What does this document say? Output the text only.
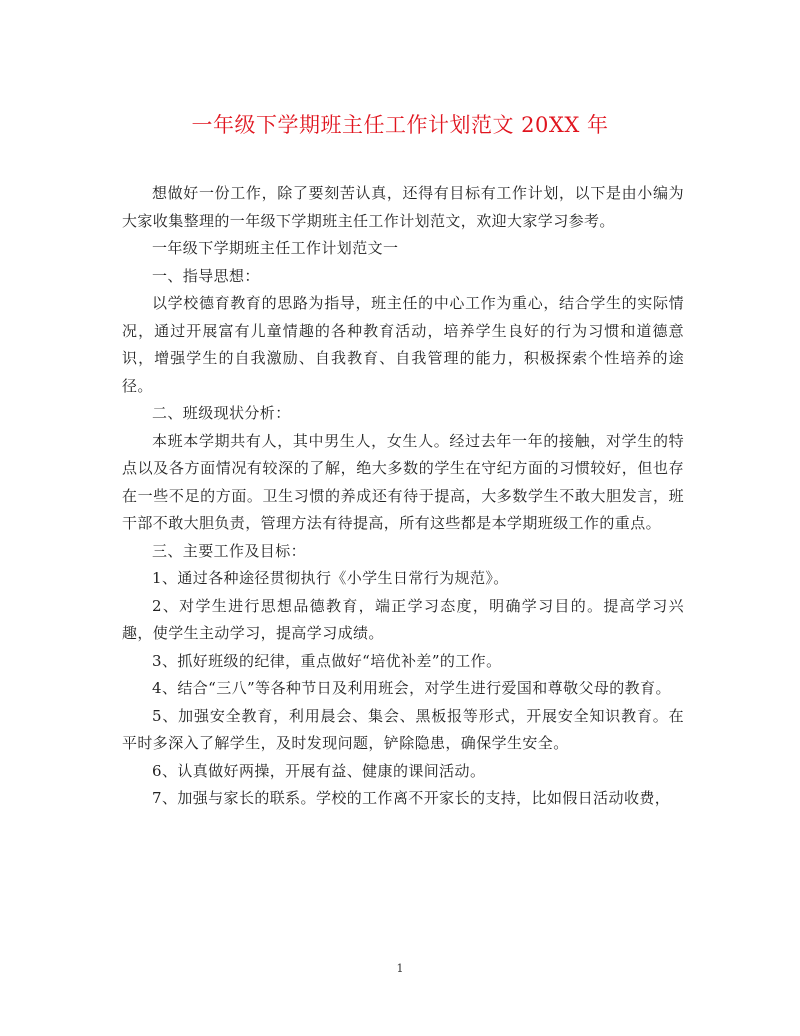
一年级下学期班主任工作计划范文 20XX 年

想做好一份工作，除了要刻苦认真，还得有目标有工作计划，以下是由小编为大家收集整理的一年级下学期班主任工作计划范文，欢迎大家学习参考。

一年级下学期班主任工作计划范文一

一、指导思想：

以学校德育教育的思路为指导，班主任的中心工作为重心，结合学生的实际情况，通过开展富有儿童情趣的各种教育活动，培养学生良好的行为习惯和道德意识，增强学生的自我激励、自我教育、自我管理的能力，积极探索个性培养的途径。

二、班级现状分析：

本班本学期共有人，其中男生人，女生人。经过去年一年的接触，对学生的特点以及各方面情况有较深的了解，绝大多数的学生在守纪方面的习惯较好，但也存在一些不足的方面。卫生习惯的养成还有待于提高，大多数学生不敢大胆发言，班干部不敢大胆负责，管理方法有待提高，所有这些都是本学期班级工作的重点。

三、主要工作及目标：

1、通过各种途径贯彻执行《小学生日常行为规范》。

2、对学生进行思想品德教育，端正学习态度，明确学习目的。提高学习兴趣，使学生主动学习，提高学习成绩。

3、抓好班级的纪律，重点做好“培优补差”的工作。

4、结合“三八”等各种节日及利用班会，对学生进行爱国和尊敬父母的教育。

5、加强安全教育，利用晨会、集会、黑板报等形式，开展安全知识教育。在平时多深入了解学生，及时发现问题，铲除隐患，确保学生安全。

6、认真做好两操，开展有益、健康的课间活动。

7、加强与家长的联系。学校的工作离不开家长的支持，比如假日活动收费，

1
